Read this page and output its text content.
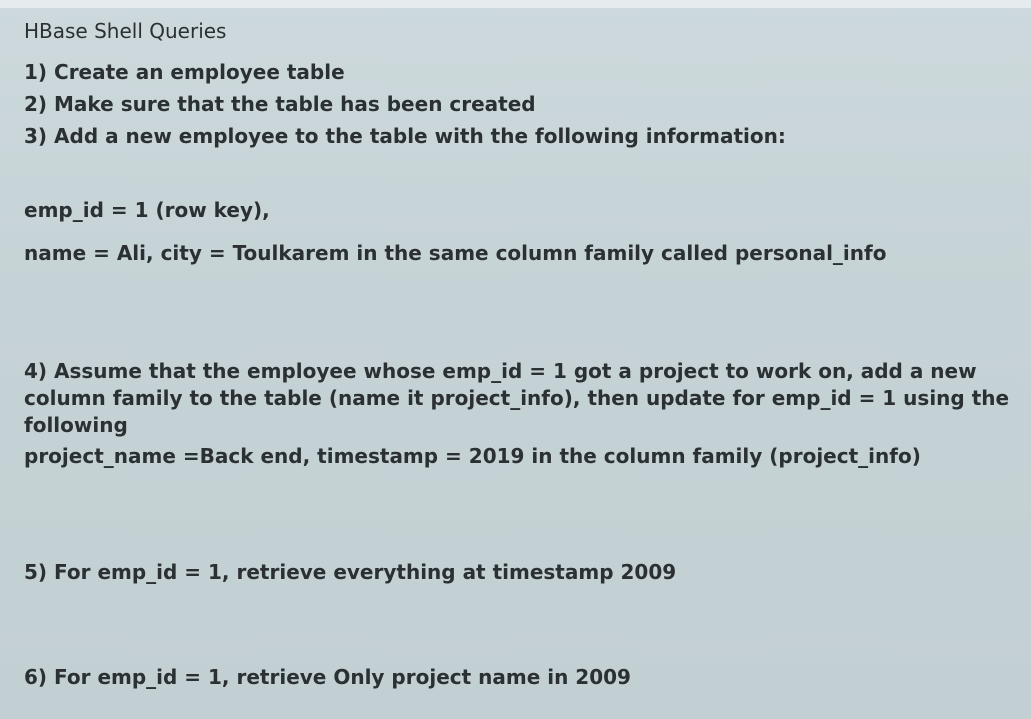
HBase Shell Queries
1) Create an employee table
2) Make sure that the table has been created
3) Add a new employee to the table with the following information:
emp_id = 1 (row key),
name = Ali, city = Toulkarem in the same column family called personal_info
4) Assume that the employee whose emp_id = 1 got a project to work on, add a new
column family to the table (name it project_info), then update for emp_id = 1 using the
following
project_name =Back end, timestamp = 2019 in the column family (project_info)
5) For emp_id = 1, retrieve everything at timestamp 2009
6) For emp_id = 1, retrieve Only project name in 2009
